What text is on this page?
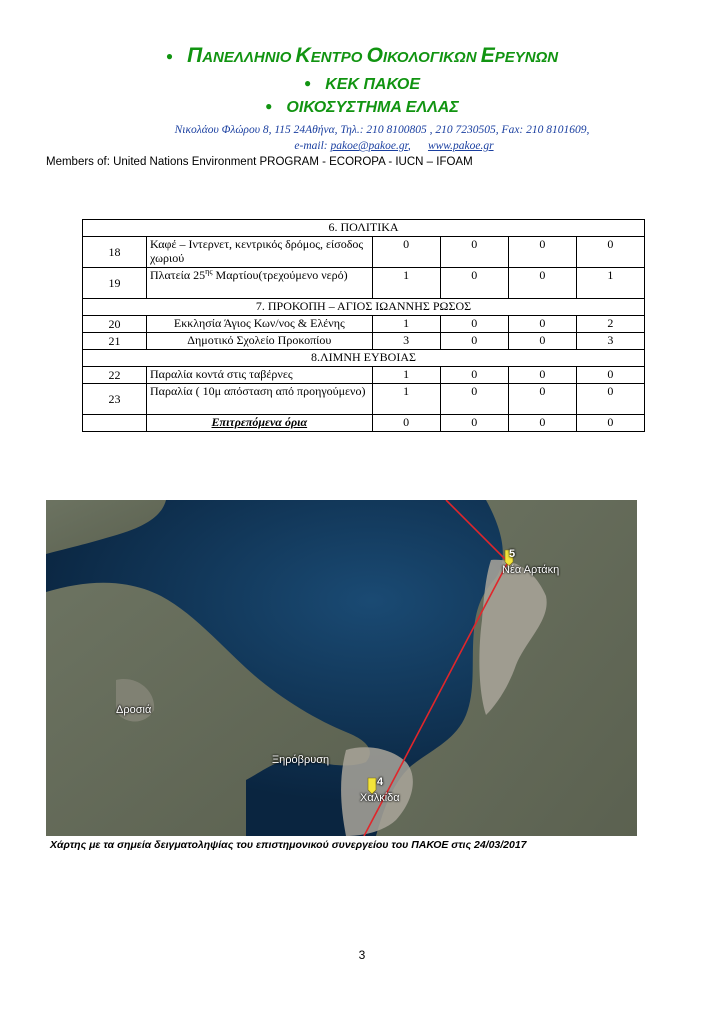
● ΠΑΝΕΛΛΗΝΙΟ ΚΕΝΤΡΟ ΟΙΚΟΛΟΓΙΚΩΝ ΕΡΕΥΝΩΝ
● ΚΕΚ ΠΑΚΟΕ
● ΟΙΚΟΣΥΣΤΗΜΑ ΕΛΛΑΣ
Νικολάου Φλώρου 8, 115 24Αθήνα, Τηλ.: 210 8100805 , 210 7230505, Fax: 210 8101609,
e-mail: pakoe@pakoe.gr,      www.pakoe.gr
Members of: United Nations Environment PROGRAM - ECOROPA - IUCN – IFOAM
6. ΠΟΛΙΤΙΚΑ					
18	Καφέ – Ιντερνετ, κεντρικός δρόμος, είσοδος χωριού	0	0	0	0
19	Πλατεία $25^{\eta\varsigma}$ Μαρτίου(τρεχούμενο νερό)	1	0	0	1
7. ΠΡΟΚΟΠΗ – ΑΓΙΟΣ ΙΩΑΝΝΗΣ ΡΩΣΟΣ					
20	Εκκλησία Άγιος Κων/νος & Ελένης	1	0	0	2
21	Δημοτικό Σχολείο Προκοπίου	3	0	0	3
8.ΛΙΜΝΗ ΕΥΒΟΙΑΣ					
22	Παραλία κοντά στις ταβέρνες	1	0	0	0
23	Παραλία ( 10μ απόσταση από προηγούμενο)	1	0	0	0
	Επιτρεπόμενα όρια	0	0	0	0
5
Νέα Αρτάκη
Δροσιά
Ξηρόβρυση
4
Χαλκίδα
Χάρτης με τα σημεία δειγματοληψίας του επιστημονικού συνεργείου του ΠΑΚΟΕ στις 24/03/2017
3
